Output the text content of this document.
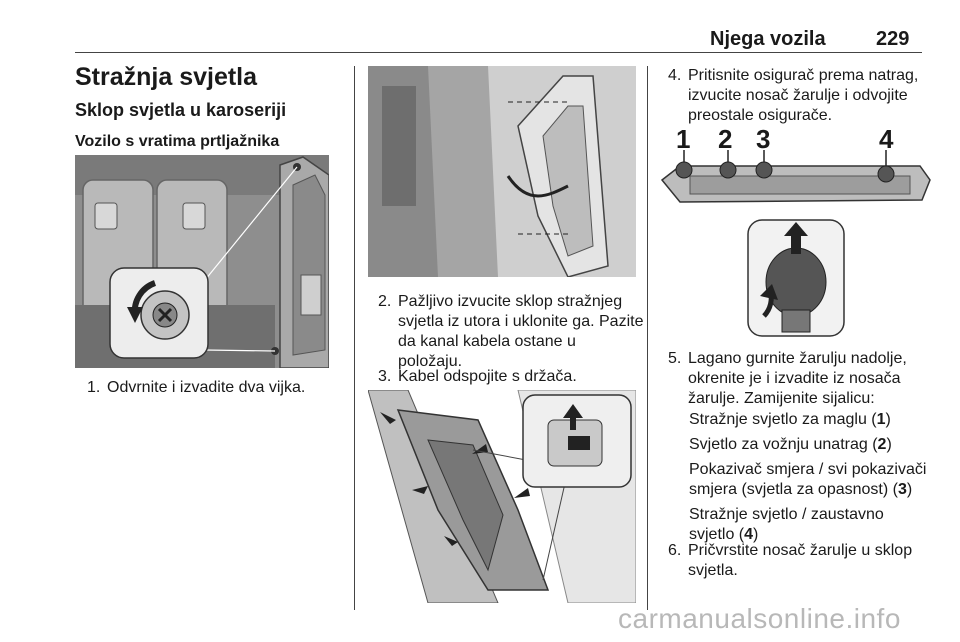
Njega vozila	229
Stražnja svjetla
Sklop svjetla u karoseriji
Vozilo s vratima prtljažnika
1. Odvrnite i izvadite dva vijka.
2. Pažljivo izvucite sklop stražnjeg
svjetla iz utora i uklonite ga. Pazite
da kanal kabela ostane u
položaju.
3. Kabel odspojite s držača.
4. Pritisnite osigurač prema natrag,
izvucite nosač žarulje i odvojite
preostale osigurače.
1 2 3	4
5. Lagano gurnite žarulju nadolje,
okrenite je i izvadite iz nosača
žarulje. Zamijenite sijalicu:
Stražnje svjetlo za maglu (1)
Svjetlo za vožnju unatrag (2)
Pokazivač smjera / svi pokazivači
smjera (svjetla za opasnost) (3)
Stražnje svjetlo / zaustavno
svjetlo (4)
6. Pričvrstite nosač žarulje u sklop
svjetla.
carmanualsonline.info
